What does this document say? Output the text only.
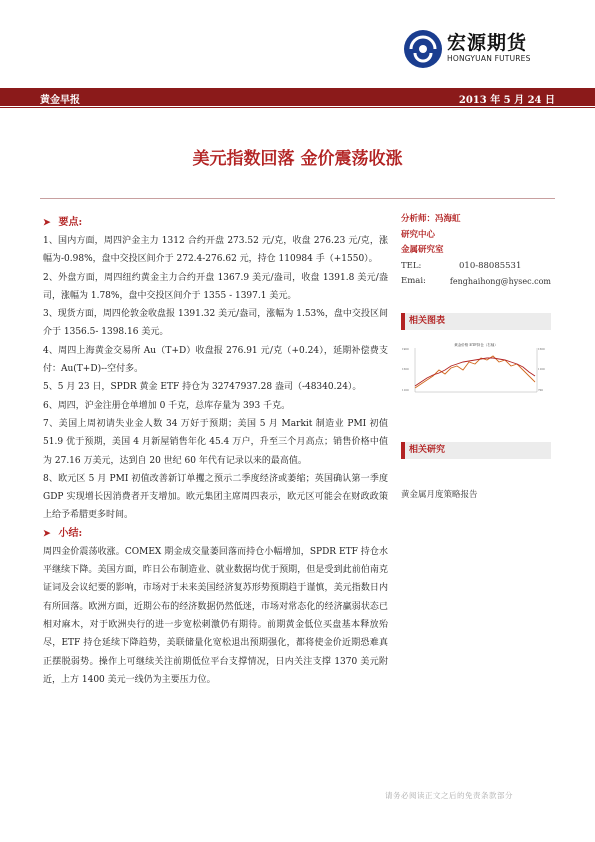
宏源期货
HONGYUAN FUTURES
黄金早报	2013 年 5 月 24 日
美元指数回落 金价震荡收涨
➤ 要点:

1、国内方面，周四沪金主力 1312 合约开盘 273.52 元/克，收盘 276.23 元/克，涨幅为-0.98%，盘中交投区间介于 272.4-276.62 元，持仓 110984 手（+1550）。

2、外盘方面，周四纽约黄金主力合约开盘 1367.9 美元/盎司，收盘 1391.8 美元/盎司，涨幅为 1.78%，盘中交投区间介于 1355 - 1397.1 美元。

3、现货方面，周四伦敦金收盘报 1391.32 美元/盎司，涨幅为 1.53%，盘中交投区间介于 1356.5- 1398.16 美元。

4、周四上海黄金交易所 Au（T+D）收盘报 276.91 元/克（+0.24），延期补偿费支付：Au(T+D)--空付多。

5、5 月 23 日，SPDR 黄金 ETF 持仓为 32747937.28 盎司（-48340.24）。

6、周四，沪金注册仓单增加 0 千克，总库存量为 393 千克。

7、美国上周初请失业金人数 34 万好于预期；美国 5 月 Markit 制造业 PMI 初值 51.9 优于预期，美国 4 月新屋销售年化 45.4 万户，升至三个月高点；销售价格中值为 27.16 万美元，达到自 20 世纪 60 年代有记录以来的最高值。

8、欧元区 5 月 PMI 初值改善新订单攫之预示二季度经济或萎缩；英国确认第一季度 GDP 实现增长因消费者开支增加。欧元集团主席周四表示，欧元区可能会在财政政策上给予希腊更多时间。

➤ 小结:

周四金价震荡收涨。COMEX 期金成交量萎回落而持仓小幅增加，SPDR ETF 持仓水平继续下降。美国方面，昨日公布制造业、就业数据均优于预期，但是受到此前伯南克证词及会议纪要的影响，市场对于未来美国经济复苏形势预期趋于谨慎，美元指数日内有所回落。欧洲方面，近期公布的经济数据仍然低迷，市场对常态化的经济赢弱状态已相对麻木，对于欧洲央行的进一步宽松刺激仍有期待。前期黄金低位买盘基本释放殆尽，ETF 持仓延续下降趋势，美联储量化宽松退出预期强化，都将使金价近期恐难真正摆脱弱势。操作上可继续关注前期低位平台支撑情况，日内关注支撑 1370 美元附近，上方 1400 美元一线仍为主要压力位。

分析师：冯海虹
研究中心
金属研究室
TEL:	010-88085531
Emai:	fenghaihong@hysec.com
相关图表
黄金价格 ETF持仓（右轴）
1900
1500
1100
1500
1100
700
相关研究
黄金属月度策略报告
请务必阅读正文之后的免责条款部分
